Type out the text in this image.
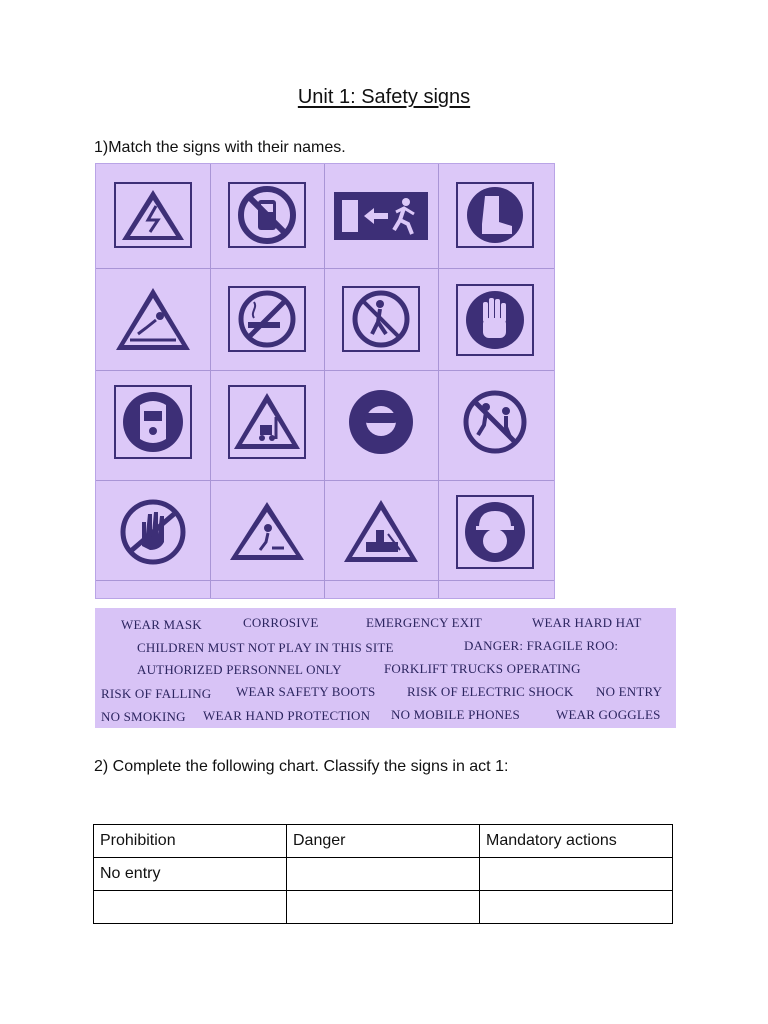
Unit 1: Safety signs
1)Match the signs with their names.
WEAR MASK	CORROSIVE	EMERGENCY EXIT	WEAR HARD HAT
CHILDREN MUST NOT PLAY IN THIS SITE	DANGER: FRAGILE ROO:
AUTHORIZED PERSONNEL ONLY	FORKLIFT TRUCKS OPERATING
RISK OF FALLING WEAR SAFETY BOOTS RISK OF ELECTRIC SHOCK NO ENTRY
NO SMOKING WEAR HAND PROTECTION NO MOBILE PHONES	WEAR GOGGLES
2) Complete the following chart. Classify the signs in act 1:
Prohibition	Danger	Mandatory actions
No entry		
